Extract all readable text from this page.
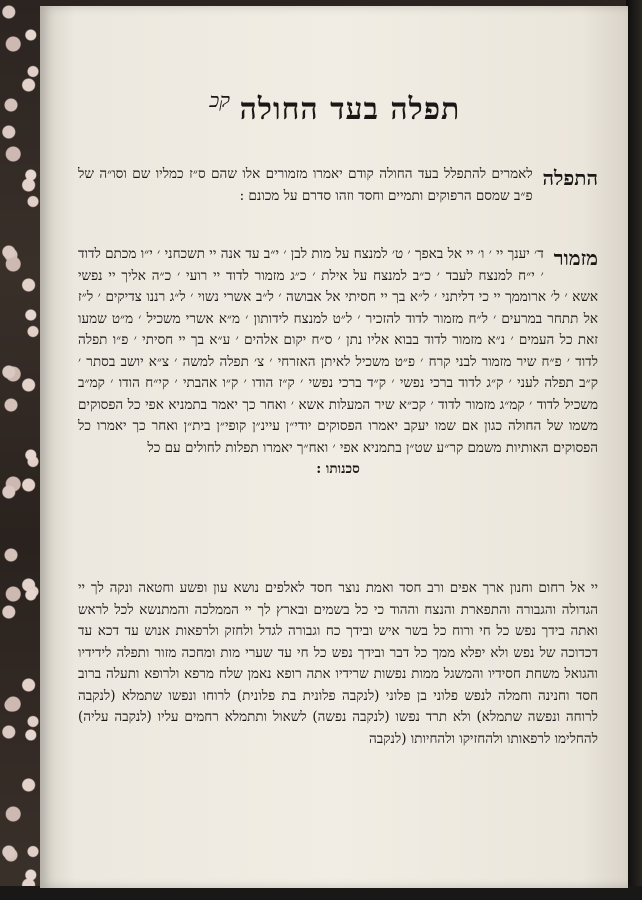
קכ תפלה בעד החולה
התפלה
לאמרים להתפלל בעד החולה קודם יאמרו מזמורים אלו שהם ס״ז כמליו שם וסו״ה של פ״ב שמסם הרפוקים ותמיים וחסד וזהו סדרם על מכונם :
מזמור
ד׳ יענך יי ׳ ו׳ יי אל באפך ׳ ט׳ למנצח על מות לבן ׳ י״ב עד אנה יי תשכחני ׳ י״ו מכתם לדוד ׳ י״ח למנצח לעבד ׳ כ״ב למנצח על אילת ׳ כ״ג מזמור לדוד יי רועי ׳ כ״ה אליך יי נפשי אשא ׳ ל׳ ארוממך יי כי דליתני ׳ ל״א בך יי חסיתי אל אבושה ׳ ל״ב אשרי נשוי ׳ ל״ג רננו צדיקים ׳ ל״ז אל תתחר במרעים ׳ ל״ח מזמור לדוד להזכיר ׳ ל״ט למנצח לידותון ׳ מ״א אשרי משכיל ׳ מ״ט שמעו זאת כל העמים ׳ נ״א מזמור לדוד בבוא אליו נתן ׳ ס״ח יקום אלהים ׳ ע״א בך יי חסיתי ׳ פ״ו תפלה לדוד ׳ פ״ח שיר מזמור לבני קרח ׳ פ״ט משכיל לאיתן האזרחי ׳ צ׳ תפלה למשה ׳ צ״א יושב בסתר ׳ ק״ב תפלה לעני ׳ ק״ג לדוד ברכי נפשי ׳ ק״ד ברכי נפשי ׳ ק״ז הודו ׳ ק״ו אהבתי ׳ קי״ח הודו ׳ קמ״ב משכיל לדוד ׳ קמ״ג מזמור לדוד ׳ קכ״א שיר המעלות אשא ׳ ואחר כך יאמר בתמניא אפי כל הפסוקים משמו של החולה כגון אם שמו יעקב יאמרו הפסוקים יודי״ן עיינ״ן קופי״ן בית״ן ואחר כך יאמרו כל הפסוקים האותיות משמם קר״ע שט״ן בתמניא אפי ׳ ואח״ך יאמרו תפלות לחולים עם כל
סכנותו :
יי אל רחום וחנון ארך אפים ורב חסד ואמת נוצר חסד לאלפים נושא עון ופשע וחטאה ונקה לך יי הגדולה והגבורה והתפארת והנצח וההוד כי כל בשמים ובארץ לך יי הממלכה והמתנשא לכל לראש ואתה בידך נפש כל חי ורוח כל בשר איש ובידך כח וגבורה לגדל ולחזק ולרפאות אנוש עד דכא עד דכדוכה של נפש ולא יפלא ממך כל דבר ובידך נפש כל חי עד שערי מות ומחכה מזור ותפלה לידידיו והגואל משחת חסידיו והמשגל ממות נפשות שרידיו אתה רופא נאמן שלח מרפא ולרופא ותעלה ברוב חסד וחנינה וחמלה לנפש פלוני בן פלוני (לנקבה פלונית בת פלונית) לרוחו ונפשו שתמלא (לנקבה לרוחה ונפשה שתמלא) ולא תרד נפשו (לנקבה נפשה) לשאול ותתמלא רחמים עליו (לנקבה עליה) להחלימו לרפאותו ולהחזיקו ולהחיותו (לנקבה
